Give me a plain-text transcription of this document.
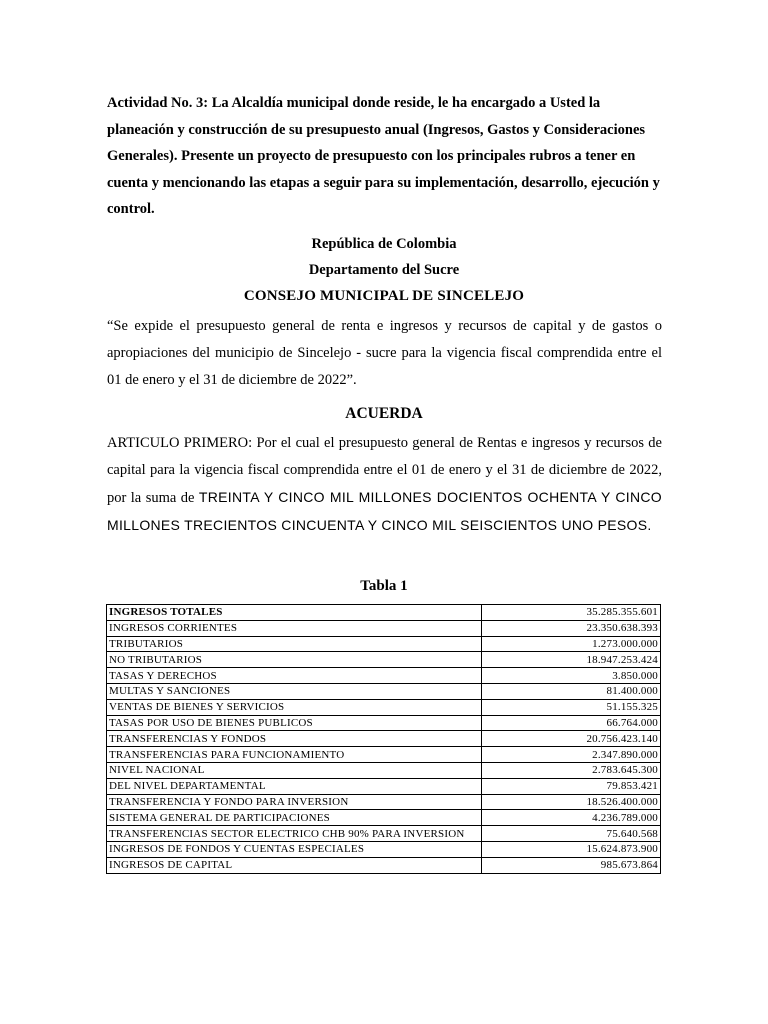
Actividad No. 3: La Alcaldía municipal donde reside, le ha encargado a Usted la planeación y construcción de su presupuesto anual (Ingresos, Gastos y Consideraciones Generales). Presente un proyecto de presupuesto con los principales rubros a tener en cuenta y mencionando las etapas a seguir para su implementación, desarrollo, ejecución y control.

República de Colombia
Departamento del Sucre
CONSEJO MUNICIPAL DE SINCELEJO

“Se expide el presupuesto general de renta e ingresos y recursos de capital y de gastos o apropiaciones del municipio de Sincelejo - sucre para la vigencia fiscal comprendida entre el 01 de enero y el 31 de diciembre de 2022”.

ACUERDA

ARTICULO PRIMERO: Por el cual el presupuesto general de Rentas e ingresos y recursos de capital para la vigencia fiscal comprendida entre el 01 de enero y el 31 de diciembre de 2022, por la suma de TREINTA Y CINCO MIL MILLONES DOCIENTOS OCHENTA Y CINCO MILLONES TRECIENTOS CINCUENTA Y CINCO MIL SEISCIENTOS UNO PESOS.

Tabla 1
INGRESOS TOTALES	35.285.355.601
INGRESOS CORRIENTES	23.350.638.393
TRIBUTARIOS	1.273.000.000
NO TRIBUTARIOS	18.947.253.424
TASAS Y DERECHOS	3.850.000
MULTAS Y SANCIONES	81.400.000
VENTAS DE BIENES Y SERVICIOS	51.155.325
TASAS POR USO DE BIENES PUBLICOS	66.764.000
TRANSFERENCIAS Y FONDOS	20.756.423.140
TRANSFERENCIAS PARA FUNCIONAMIENTO	2.347.890.000
NIVEL NACIONAL	2.783.645.300
DEL NIVEL DEPARTAMENTAL	79.853.421
TRANSFERENCIA Y FONDO PARA INVERSION	18.526.400.000
SISTEMA GENERAL DE PARTICIPACIONES	4.236.789.000
TRANSFERENCIAS SECTOR ELECTRICO CHB 90% PARA INVERSION	75.640.568
INGRESOS DE FONDOS Y CUENTAS ESPECIALES	15.624.873.900
INGRESOS DE CAPITAL	985.673.864
